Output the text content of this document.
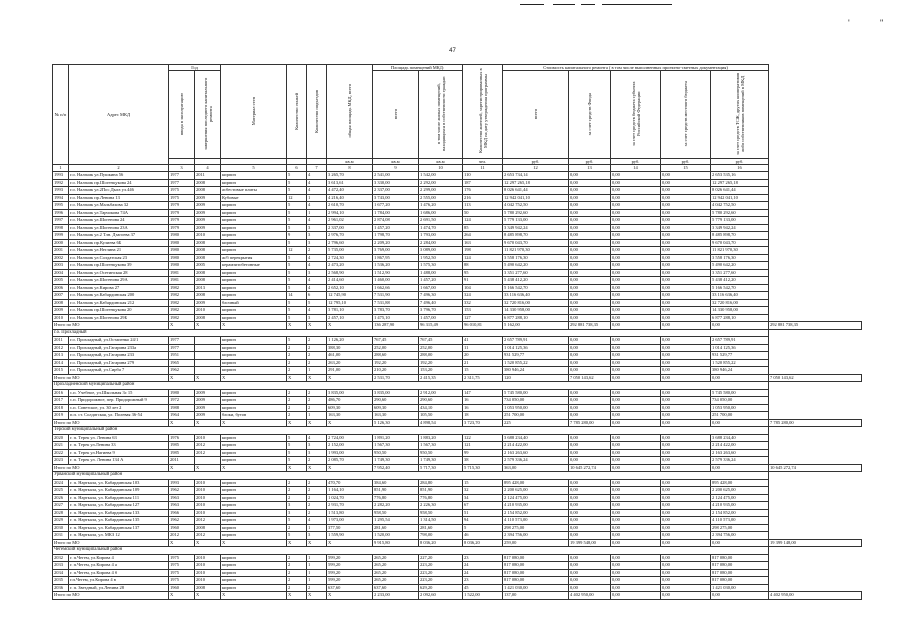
'	"
47
№ п/п	Адрес МКД	Год		Материал стен	Количество этажей	Количество подъездов	общая площадь МКД, всего	Площадь помещений МКД:		Количество жителей, зарегистрированных в МКД на дату утверждения программы	Стоимость капитального ремонта ( в том числе выполненных проектно-сметных документация)					
		ввода в эксплуатацию	завершения последнего капитального ремонта					всего	в том числе жилых помещений, находящихся в собственности граждан		всего	за счет средств Фонда	за счет средств бюджета субъекта Российской Федерации	за счет средств местного бюджета	за счет средств ТСЖ, других кооперативов либо собственников помещений в МКД	
							кв.м	кв.м	кв.м	чел.	руб.	руб.	руб.	руб.	руб.	
1	2	3	4	5	6	7	8	9	10	11	12	13	14	15	16	
1993	г.о. Нальчик ул.Пушкина 56	1977	2011	кирпич	5	4	3 265,70	2 541,00	1 542,00	110	2 653 734,14	0,00	0,00	0,00	2 653 535,16	
1992	г.о. Нальчик пр.Шогенцукова 24	1977	2008	кирпич	5	4	3 613,61	3 330,00	2 292,00	187	12 297 265,18	0,00	0,00	0,00	12 297 265,18	
1993	г.о. Нальчик ул.2Пос.Дыга ул.446	1975	2008	асбестовые плиты	5	4	4 472,40	2 337,00	2 299,00	176	8 026 641,44	0,00	0,00	0,00	8 026 641,44	
1994	г.о. Нальчик пр.Ленина 13	1975	2009	Кубовые	12	1	4 216,40	3 743,00	2 555,00	216	12 942 041,10	0,00	0,00	0,00	12 942 041,10	
1995	г.о. Нальчик ул.Мальбахова 32	1979	2009	кирпич	5	4	2 610,70	1 677,20	1 476,20	113	4 042 752,50	0,00	0,00	0,00	4 042 752,50	
1996	г.о. Нальчик ул.Тарчокова 74А	1979	2009	кирпич	5	1	2 994,10	1 784,00	1 686,00	50	5 780 292,60	0,00	0,00	0,00	5 780 292,60	
1997	г.о. Нальчик ул.Шогенова 24	1979	2009	кирпич	5	4	2 961,02	2 874,08	2 691,50	124	5 779 133,00	0,00	0,00	0,00	5 779 133,00	
1998	г.о. Нальчик ул.Шогенова 23А	1979	2009	кирпич	5	3	2 337,00	1 457,20	1 474,70	85	3 349 942,24	0,00	0,00	0,00	3 349 942,24	
1999	г.о. Нальчик ул.2 Тлн. Дзагоева 37	1980	2010	кирпич	9	3	2 976,70	1 798,70	1 793,00	264	8 485 898,70	0,00	0,00	0,00	8 485 898,70	
2000	г.о. Нальчик пр.Кулиева 6Б	1980	2008	кирпич	5	3	2 796,60	2 209,20	2 284,00	163	9 670 043,70	0,00	0,00	0,00	9 670 043,70	
2001	г.о. Нальчик ул.Неглина 21	1980	2008	кирпич	12	2	5 735,00	3 769,00	3 089,00	198	11 821 970,30	0,00	0,00	0,00	11 821 970,30	
2002	г.о. Нальчик ул.Солдатская 23	1980	2008	ж/б перекрытия	5	4	2 724,30	1 867,95	1 952,50	124	3 558 176,30	0,00	0,00	0,00	3 558 176,30	
2003	г.о. Нальчик пр.Шогенцукова 39	1980	2005	керамзитобетонные	5	4	2 473,20	1 536,20	1 575,30	88	5 490 642,20	0,00	0,00	0,00	5 490 642,20	
2004	г.о. Нальчик ул.Осетинская 28	1981	2008	кирпич	5	3	2 568,90	1 512,90	1 488,00	95	3 351 277,60	0,00	0,00	0,00	3 351 277,60	
2005	г.о. Нальчик ул.Шогенова 29А	1981	2008	кирпич	5	4	2 414,60	1 460,00	1 457,20	91	5 438 412,20	0,00	0,00	0,00	5 438 412,20	
2006	г.о. Нальчик ул.Кирова 27	1982	2013	кирпич	5	4	2 652,10	1 662,66	1 667,00	104	5 166 542,70	0,00	0,00	0,00	5 166 542,70	
2007	г.о. Нальчик ул.Кабардинская 200	1982	2008	кирпич	14	6	12 745,90	7 531,90	7 496,30	324	33 116 636,40	0,00	0,00	0,00	33 116 636,40	
2008	г.о. Нальчик ул.Кабардинская 212	1982	2009	блочный	5	5	12 795,10	7 531,88	7 496,40	332	32 720 816,00	0,00	0,00	0,00	32 720 816,00	
2009	г.о. Нальчик пр.Шогенцукова 20	1982	2010	кирпич	5	4	3 781,10	3 783,70	3 796,70	153	14 330 958,00	0,00	0,00	0,00	14 330 958,00	
2010	г.о. Нальчик ул.Шогенова 29Б	1982	2008	кирпич	5	3	2 457,10	1 475,10	1 457,00	127	6 877 288,10	0,00	0,00	0,00	6 877 288,10	
Итого по МО		X	X	X	X	X	X	136 287,90	96 315,49	96 010,81	5 162,00	292 881 738,35	0,00	0,00	0,00	292 881 738,35
г.о. Прохладный																
2011	г.о. Прохладный, ул.Остапенко 24/1	1977		кирпич	5	2	1 126,20	767,45	767,45	41	2 657 789,91	0,00	0,00	0,00	2 657 789,91	
2012	г.о. Прохладный, ул.Гагарина 233а	1977		кирпич	2	2	388,30	252,00	252,00	11	1 014 125,36	0,00	0,00	0,00	1 014 125,36	
2013	г.о. Прохладный, ул.Гагарина 233	1951		кирпич	2	2	461,00	288,60	288,00	20	931 529,77	0,00	0,00	0,00	931 529,77	
2014	г.о. Прохладный, ул.Гагарина 279	1965		кирпич	2	2	263,20	192,20	192,20	21	1 520 855,22	0,00	0,00	0,00	1 520 855,22	
2015	г.о. Прохладный, ул.Сирба 7	1962		кирпич	2	1	291,00	210,20	153,20	15	380 946,24	0,00	0,00	0,00	380 946,24	
Итого по МО		X	X	X	X	X	X	2 531,70	2 415,35	2 311,75	120	7 050 143,62	0,00	0,00	0,00	7 050 143,62
Прохладненский муниципальный район																
2016	с.п. Учебное, ул.Школьная 3с 15	1980	2009	кирпич	2	2	3 835,00	3 835,00	2 912,00	147	5 745 580,00	0,00	0,00	0,00	5 745 580,00	
2017	с.п. Придорожное, пер. Придорожный 9	1972	2009	кирпич	2	2	486,70	290,60	290,60	16	734 050,00	0,00	0,00	0,00	734 050,00	
2018	с.п. Советское, ул. 30 лет 2	1988	2009	кирпич	2	2	609,30	609,30	434,10	16	1 053 950,00	0,00	0,00	0,00	1 053 950,00	
2019	п.п. ст. Солдатская, ул. Полевая 36-54	1964	2009	блоки, бутов	2	1	163,30	163,30	105,50	18	251 700,00	0,00	0,00	0,00	251 700,00	
Итого по МО		X	X	X	X	X	X	5 126,30	4 898,54	3 723,70	225	7 785 280,00	0,00	0,00	0,00	7 785 280,00
Терский муниципальный район																
2020	г. п. Терек ул. Ленина 63	1976	2010	кирпич	5	4	2 724,00	1 891,20	1 883,20	122	3 688 234,40	0,00	0,00	0,00	3 688 234,40	
2021	г. п. Терек ул.Ленина 33	1985	2012	кирпич	5	3	2 152,00	1 567,30	1 567,30	121	2 214 422,00	0,00	0,00	0,00	2 214 422,00	
2022	г. п. Терек ул.Нагиева 9	1985	2012	кирпич	5	3	1 993,00	950,50	950,50	99	2 163 263,60	0,00	0,00	0,00	2 163 263,60	
2023	г. п. Терек ул. Ленина 134 А	2011		кирпич	5	2	2 085,70	1 749,30	1 749,30	38	2 579 336,24	0,00	0,00	0,00	2 579 336,24	
Итого по МО		X	X	X	X	X	X	7 952,40	5 717,30	5 715,30	363,00	10 645 272,74	0,00	0,00	0,00	10 645 272,74
Урванский муниципальный район																
2024	г. п. Нарткала, ул. Кабардинская 103	1993	2010	кирпич	2	2	470,70	384,60	284,80	15	895 428,00	0,00	0,00	0,00	895 428,00	
2025	г. п. Нарткала, ул. Кабардинская 109	1962	2010	кирпич	2	2	1 164,10	851,90	851,90	32	2 200 625,00	0,00	0,00	0,00	2 200 625,00	
2026	г. п. Нарткала, ул. Кабардинская 111	1963	2010	кирпич	2	2	1 024,70	776,80	776,80	34	2 124 475,00	0,00	0,00	0,00	2 124 475,00	
2027	г. п. Нарткала, ул. Кабардинская 127	1963	2010	кирпич	3	2	2 931,70	2 282,20	2 226,30	67	4 210 935,00	0,00	0,00	0,00	4 210 935,00	
2028	г. п. Нарткала, ул. Кабардинская 133	1966	2010	кирпич	3	2	1 513,80	958,50	958,50	51	2 154 852,00	0,00	0,00	0,00	2 154 852,00	
2029	г. п. Нарткала, ул. Кабардинская 135	1962	2012	кирпич	5	4	1 973,00	1 295,54	1 314,50	94	4 110 573,00	0,00	0,00	0,00	4 110 573,00	
2030	г. п. Нарткала, ул. Кабардинская 137	1960	2008	кирпич	2	1	377,50	281,60	281,60	5	298 275,00	0,00	0,00	0,00	298 275,00	
2031	г. п. Нарткала, ул. МКЗ 12	2012	2012	кирпич	5	3	1 559,90	1 520,00	798,00	46	2 394 756,00	0,00	0,00	0,00	2 394 756,00	
Итого по МО		X	X	X	X	X	X	9 915,80	8 036,20	8 036,20	259,00	19 399 548,00	0,00	0,00	0,00	19 399 148,00
Чегемский муниципальный район																
2032	г. п.Чегем, ул.Кирова 4	1975	2010	кирпич	2	1	599,20	265,20	227,20	23	817 080,00	0,00	0,00	0,00	817 080,00	
2033	г. п.Чегем, ул.Кирова 4 а	1975	2010	кирпич	2	1	599,20	265,20	223,20	24	817 080,00	0,00	0,00	0,00	817 080,00	
2034	г. п.Чегем, ул.Кирова 4 б	1975	2010	кирпич	2	1	599,20	265,20	223,20	24	817 080,00	0,00	0,00	0,00	817 080,00	
2035	г.п.Чегем, ул.Кирова 4 в	1975	2010	кирпич	2	1	599,20	265,20	223,20	23	817 080,00	0,00	0,00	0,00	817 080,00	
2036	г. п. Звездный, ул.Ленина 28	1960	2008	кирпич	2	2	637,60	637,60	629,20	45	1 421 030,00	0,00	0,00	0,00	1 421 030,00	
Итого по МО		X	X	X	X	X	X	2 233,00	2 092,60	1 522,00	137,00	4 402 950,00	0,00	0,00	0,00	4 402 950,00
